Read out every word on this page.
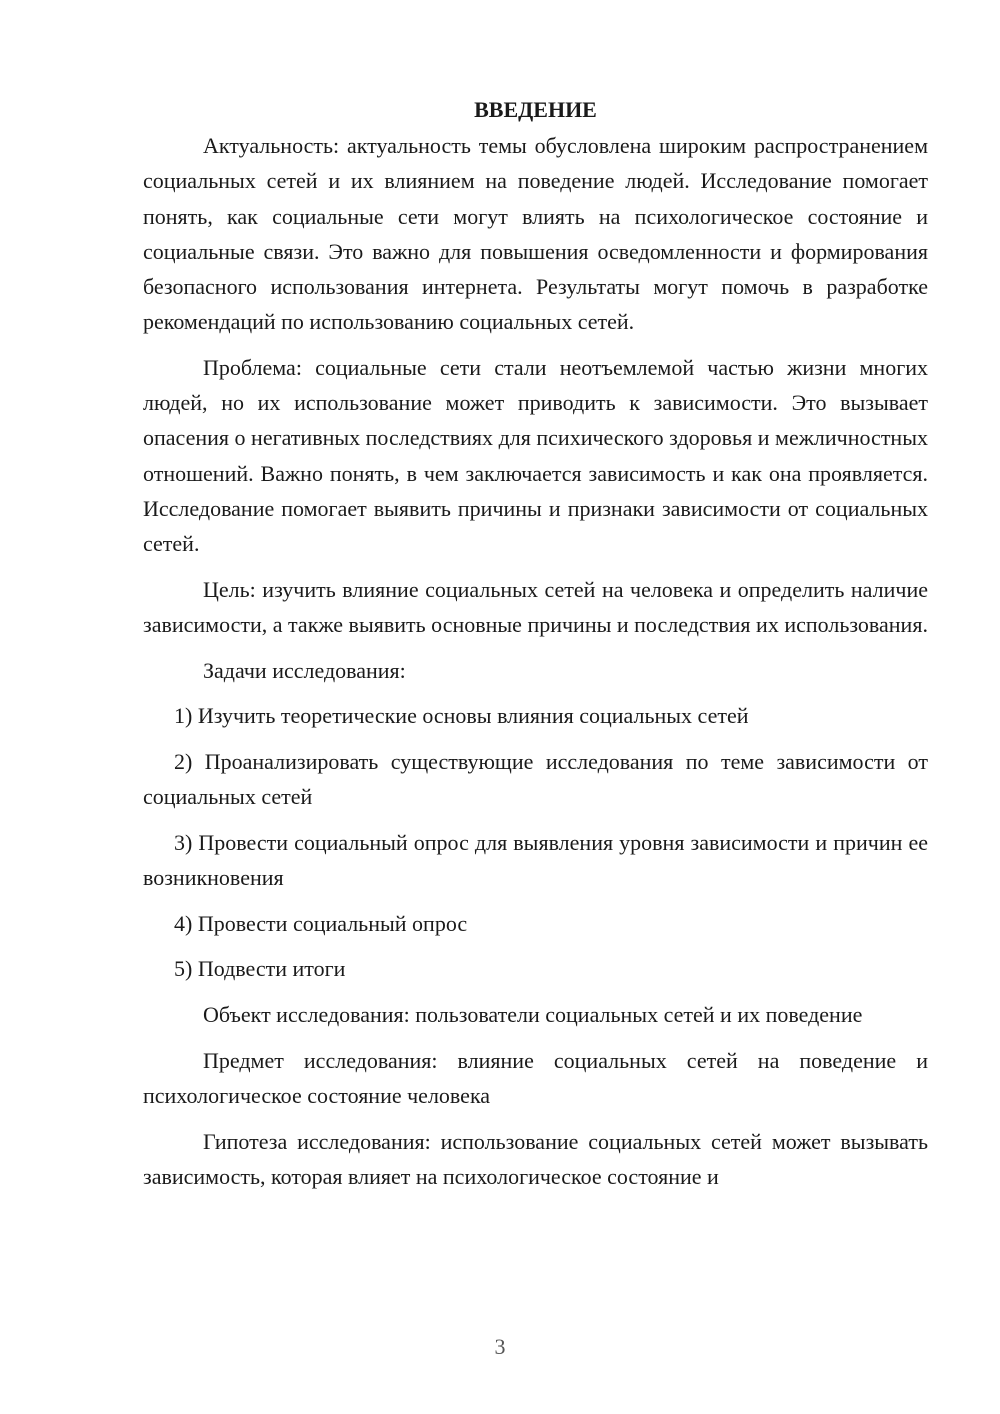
ВВЕДЕНИЕ

Актуальность: актуальность темы обусловлена широким распространением социальных сетей и их влиянием на поведение людей. Исследование помогает понять, как социальные сети могут влиять на психологическое состояние и социальные связи. Это важно для повышения осведомленности и формирования безопасного использования интернета. Результаты могут помочь в разработке рекомендаций по использованию социальных сетей.

Проблема: социальные сети стали неотъемлемой частью жизни многих людей, но их использование может приводить к зависимости. Это вызывает опасения о негативных последствиях для психического здоровья и межличностных отношений. Важно понять, в чем заключается зависимость и как она проявляется. Исследование помогает выявить причины и признаки зависимости от социальных сетей.

Цель: изучить влияние социальных сетей на человека и определить наличие зависимости, а также выявить основные причины и последствия их использования.

Задачи исследования:

1) Изучить теоретические основы влияния социальных сетей

2) Проанализировать существующие исследования по теме зависимости от социальных сетей

3) Провести социальный опрос для выявления уровня зависимости и причин ее возникновения

4) Провести социальный опрос

5) Подвести итоги

Объект исследования: пользователи социальных сетей и их поведение

Предмет исследования: влияние социальных сетей на поведение и психологическое состояние человека

Гипотеза исследования: использование социальных сетей может вызывать зависимость, которая влияет на психологическое состояние и

3
